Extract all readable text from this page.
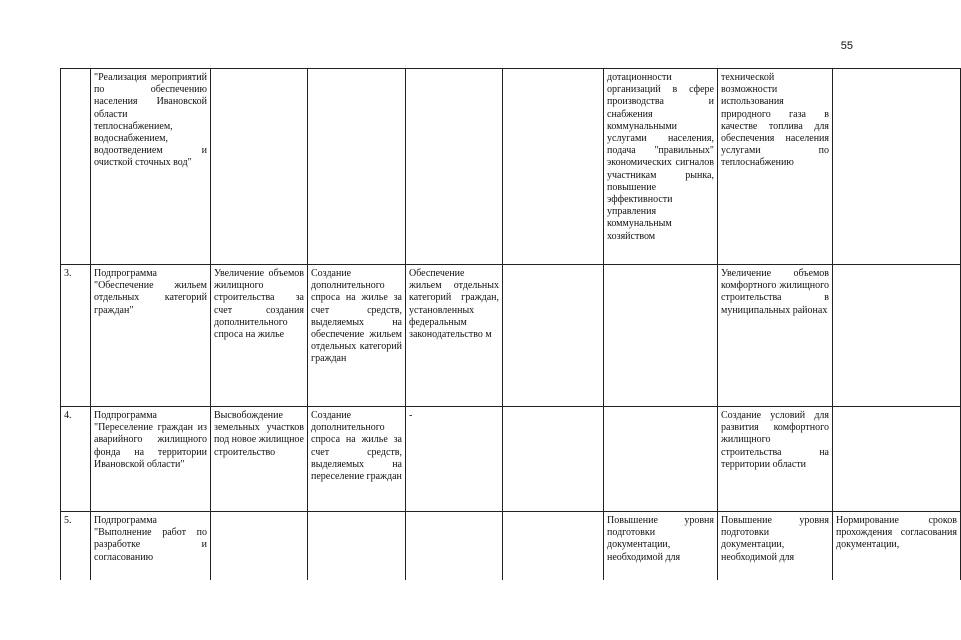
55
	"Реализация мероприятий по обеспечению населения Ивановской области теплоснабжением, водоснабжением, водоотведением и очисткой сточных вод"					дотационности организаций в сфере производства и снабжения коммунальными услугами населения, подача "правильных" экономических сигналов участникам рынка, повышение эффективности управления коммунальным хозяйством	технической возможности использования природного газа в качестве топлива для обеспечения населения услугами по теплоснабжению	
3.	Подпрограмма "Обеспечение жильем отдельных категорий граждан"	Увеличение объемов жилищного строительства за счет создания дополнительного спроса на жилье	Создание дополнительного спроса на жилье за счет средств, выделяемых на обеспечение жильем отдельных категорий граждан	Обеспечение жильем отдельных категорий граждан, установленных федеральным законодательство м			Увеличение объемов комфортного жилищного строительства в муниципальных районах	
4.	Подпрограмма "Переселение граждан из аварийного жилищного фонда на территории Ивановской области"	Высвобождение земельных участков под новое жилищное строительство	Создание дополнительного спроса на жилье за счет средств, выделяемых на переселение граждан	-			Создание условий для развития комфортного жилищного строительства на территории области	
5.	Подпрограмма "Выполнение работ по разработке и согласованию					Повышение уровня подготовки документации, необходимой для	Повышение уровня подготовки документации, необходимой для	Нормирование сроков прохождения согласования документации,
